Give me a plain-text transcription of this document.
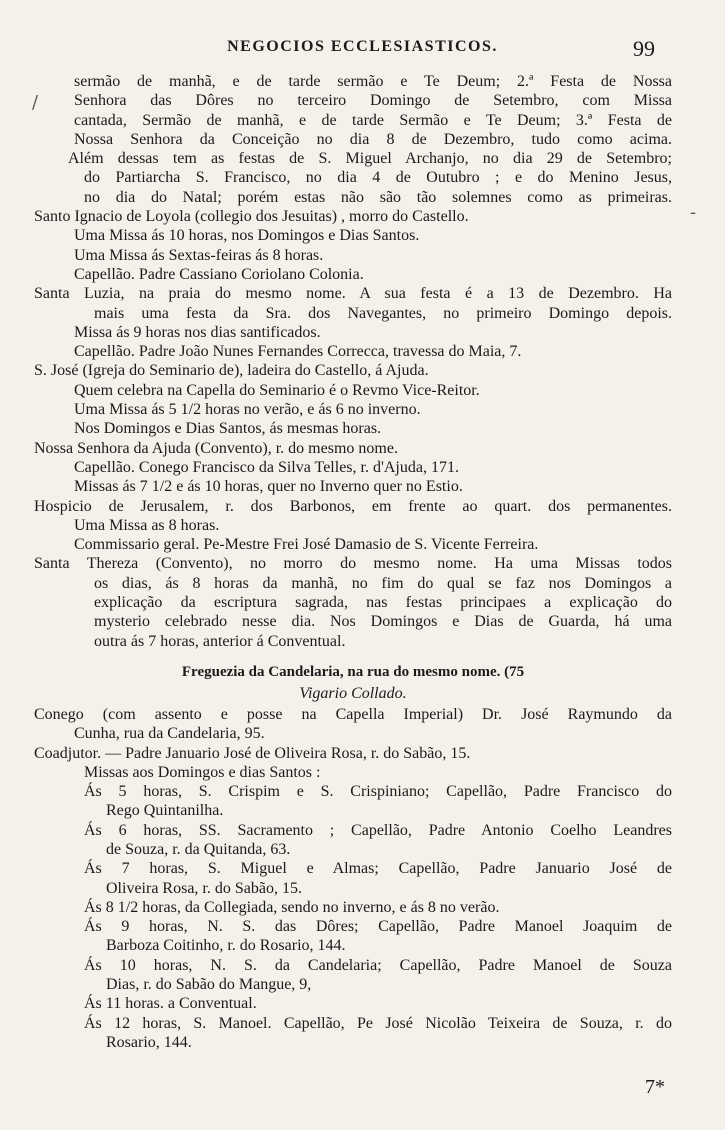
NEGOCIOS ECCLESIASTICOS.	99
/
-
sermão de manhã, e de tarde sermão e Te Deum; 2.ª Festa de Nossa
Senhora das Dôres no terceiro Domingo de Setembro, com Missa
cantada, Sermão de manhã, e de tarde Sermão e Te Deum; 3.ª Festa de
Nossa Senhora da Conceição no dia 8 de Dezembro, tudo como acima.
Além dessas tem as festas de S. Miguel Archanjo, no dia 29 de Setembro;
do Partiarcha S. Francisco, no dia 4 de Outubro ; e do Menino Jesus,
no dia do Natal; porém estas não são tão solemnes como as primeiras.
Santo Ignacio de Loyola (collegio dos Jesuitas) , morro do Castello.
Uma Missa ás 10 horas, nos Domingos e Dias Santos.
Uma Missa ás Sextas-feiras ás 8 horas.
Capellão. Padre Cassiano Coriolano Colonia.
Santa Luzia, na praia do mesmo nome. A sua festa é a 13 de Dezembro. Ha
mais uma festa da Sra. dos Navegantes, no primeiro Domingo depois.
Missa ás 9 horas nos dias santificados.
Capellão. Padre João Nunes Fernandes Correcca, travessa do Maia, 7.
S. José (Igreja do Seminario de), ladeira do Castello, á Ajuda.
Quem celebra na Capella do Seminario é o Revmo Vice-Reitor.
Uma Missa ás 5 1/2 horas no verão, e ás 6 no inverno.
Nos Domingos e Dias Santos, ás mesmas horas.
Nossa Senhora da Ajuda (Convento), r. do mesmo nome.
Capellão. Conego Francisco da Silva Telles, r. d'Ajuda, 171.
Missas ás 7 1/2 e ás 10 horas, quer no Inverno quer no Estio.
Hospicio de Jerusalem, r. dos Barbonos, em frente ao quart. dos permanentes.
Uma Missa as 8 horas.
Commissario geral. Pe-Mestre Frei José Damasio de S. Vicente Ferreira.
Santa Thereza (Convento), no morro do mesmo nome. Ha uma Missas todos
os dias, ás 8 horas da manhã, no fim do qual se faz nos Domingos a
explicação da escriptura sagrada, nas festas principaes a explicação do
mysterio celebrado nesse dia. Nos Domingos e Dias de Guarda, há uma
outra ás 7 horas, anterior á Conventual.
Freguezia da Candelaria, na rua do mesmo nome. (75
Vigario Collado.
Conego (com assento e posse na Capella Imperial) Dr. José Raymundo da
Cunha, rua da Candelaria, 95.
Coadjutor. — Padre Januario José de Oliveira Rosa, r. do Sabão, 15.
Missas aos Domingos e dias Santos :
Ás 5 horas, S. Crispim e S. Crispiniano; Capellão, Padre Francisco do
Rego Quintanilha.
Ás 6 horas, SS. Sacramento ; Capellão, Padre Antonio Coelho Leandres
de Souza, r. da Quitanda, 63.
Ás 7 horas, S. Miguel e Almas; Capellão, Padre Januario José de
Oliveira Rosa, r. do Sabão, 15.
Ás 8 1/2 horas, da Collegiada, sendo no inverno, e ás 8 no verão.
Ás 9 horas, N. S. das Dôres; Capellão, Padre Manoel Joaquim de
Barboza Coitinho, r. do Rosario, 144.
Ás 10 horas, N. S. da Candelaria; Capellão, Padre Manoel de Souza
Dias, r. do Sabão do Mangue, 9,
Ás 11 horas. a Conventual.
Ás 12 horas, S. Manoel. Capellão, Pe José Nicolão Teixeira de Souza, r. do
Rosario, 144.
7*
